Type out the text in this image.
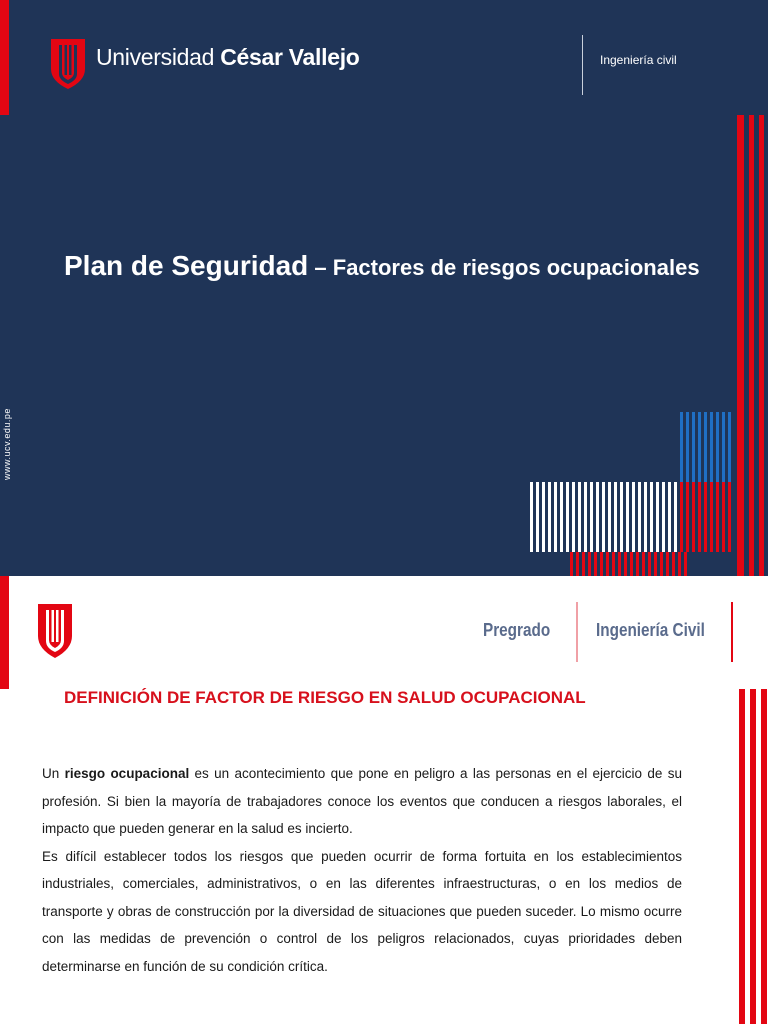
Universidad César Vallejo	Ingeniería civil
Plan de Seguridad – Factores de riesgos ocupacionales
www.ucv.edu.pe
Pregrado	Ingeniería Civil
DEFINICIÓN DE FACTOR DE RIESGO EN SALUD OCUPACIONAL

Un riesgo ocupacional es un acontecimiento que pone en peligro a las personas en el ejercicio de su profesión. Si bien la mayoría de trabajadores conoce los eventos que conducen a riesgos laborales, el impacto que pueden generar en la salud es incierto.

Es difícil establecer todos los riesgos que pueden ocurrir de forma fortuita en los establecimientos industriales, comerciales, administrativos, o en las diferentes infraestructuras, o en los medios de transporte y obras de construcción por la diversidad de situaciones que pueden suceder. Lo mismo ocurre con las medidas de prevención o control de los peligros relacionados, cuyas prioridades deben determinarse en función de su condición crítica.
